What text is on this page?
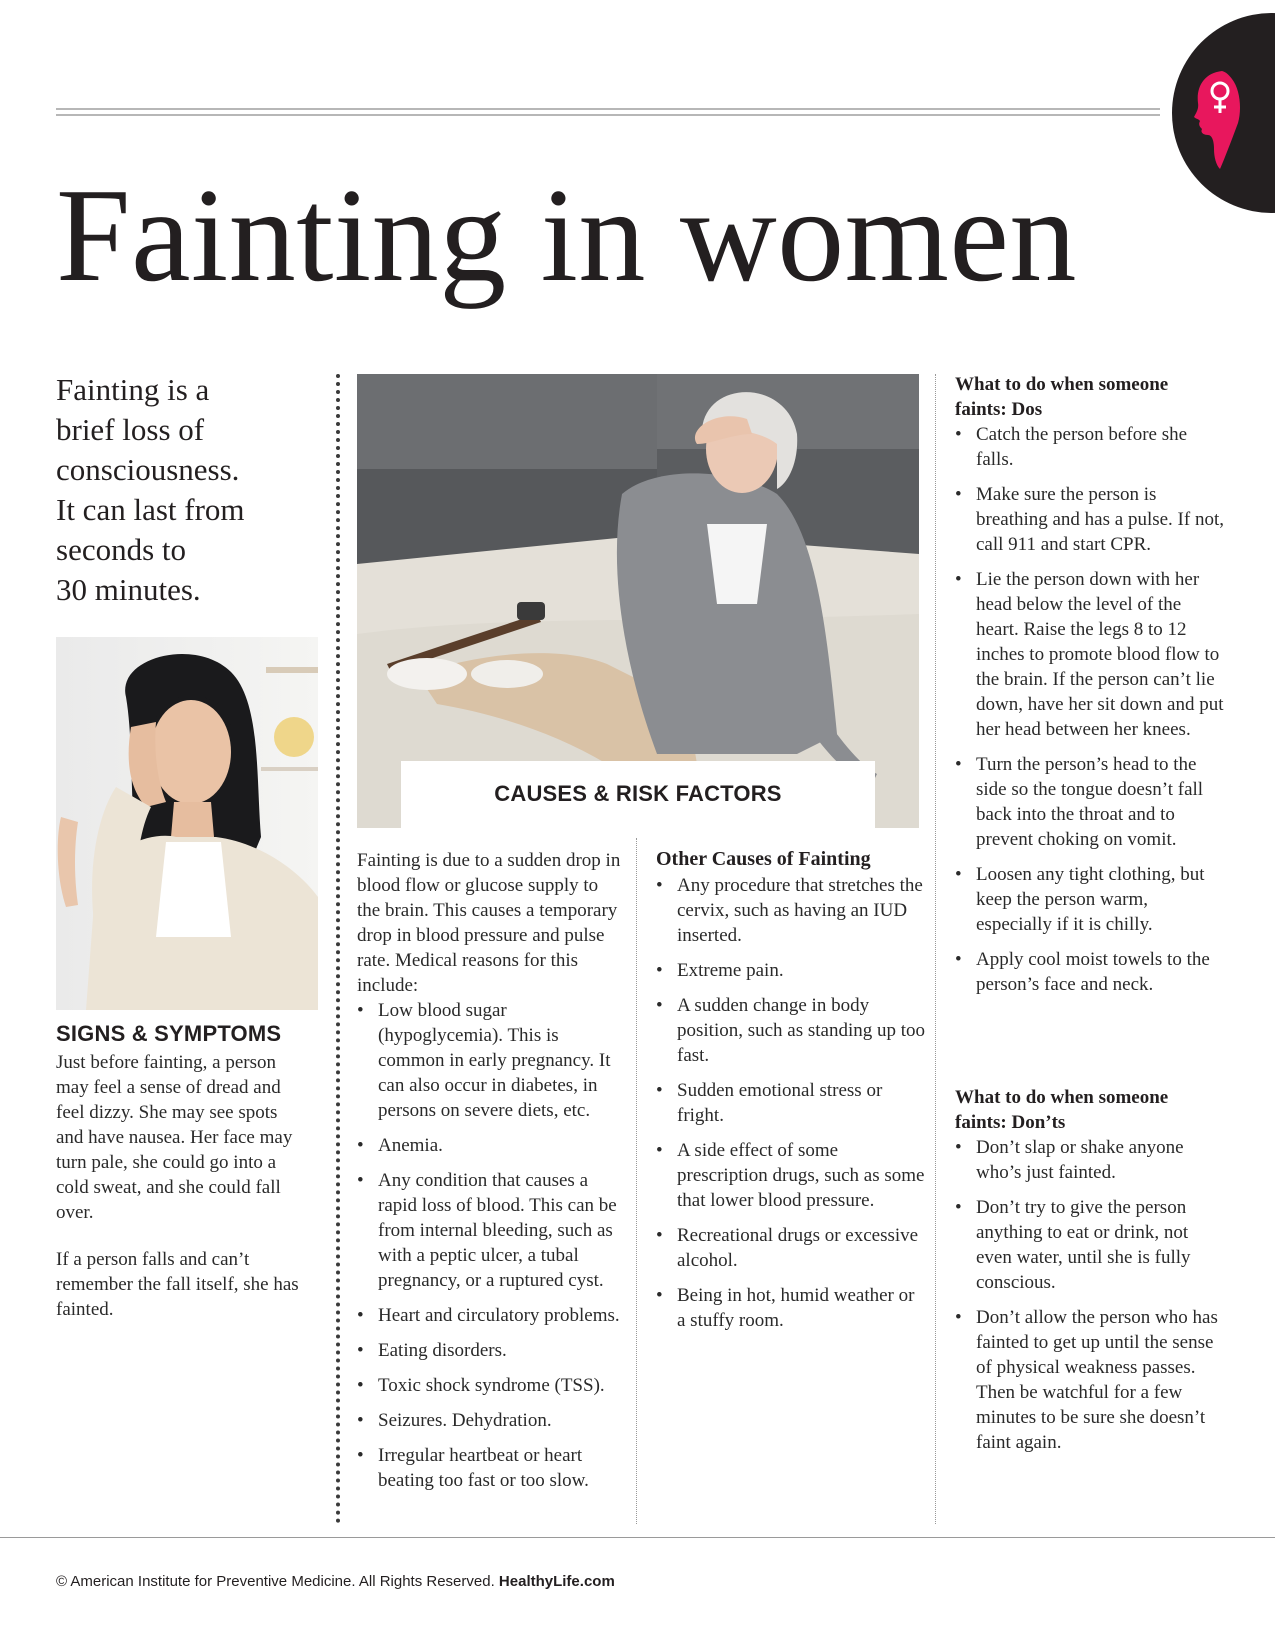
Fainting in women
Fainting is a
brief loss of
consciousness.
It can last from
seconds to
30 minutes.
SIGNS & SYMPTOMS
Just before fainting, a person may feel a sense of dread and feel dizzy. She may see spots and have nausea. Her face may turn pale, she could go into a cold sweat, and she could fall over.
If a person falls and can’t remember the fall itself, she has fainted.
CAUSES & RISK FACTORS
Fainting is due to a sudden drop in blood flow or glucose supply to the brain. This causes a temporary drop in blood pressure and pulse rate. Medical reasons for this include:
• Low blood sugar (hypoglycemia). This is common in early pregnancy. It can also occur in diabetes, in persons on severe diets, etc.
• Anemia.
• Any condition that causes a rapid loss of blood. This can be from internal bleeding, such as with a peptic ulcer, a tubal pregnancy, or a ruptured cyst.
• Heart and circulatory problems.
• Eating disorders.
• Toxic shock syndrome (TSS).
• Seizures. Dehydration.
• Irregular heartbeat or heart beating too fast or too slow.
Other Causes of Fainting
• Any procedure that stretches the cervix, such as having an IUD inserted.
• Extreme pain.
• A sudden change in body position, such as standing up too fast.
• Sudden emotional stress or fright.
• A side effect of some prescription drugs, such as some that lower blood pressure.
• Recreational drugs or excessive alcohol.
• Being in hot, humid weather or a stuffy room.
What to do when someone faints: Dos
• Catch the person before she falls.
• Make sure the person is breathing and has a pulse. If not, call 911 and start CPR.
• Lie the person down with her head below the level of the heart. Raise the legs 8 to 12 inches to promote blood flow to the brain. If the person can’t lie down, have her sit down and put her head between her knees.
• Turn the person’s head to the side so the tongue doesn’t fall back into the throat and to prevent choking on vomit.
• Loosen any tight clothing, but keep the person warm, especially if it is chilly.
• Apply cool moist towels to the person’s face and neck.
What to do when someone faints: Don’ts
• Don’t slap or shake anyone who’s just fainted.
• Don’t try to give the person anything to eat or drink, not even water, until she is fully conscious.
• Don’t allow the person who has fainted to get up until the sense of physical weakness passes. Then be watchful for a few minutes to be sure she doesn’t faint again.
© American Institute for Preventive Medicine. All Rights Reserved. HealthyLife.com
